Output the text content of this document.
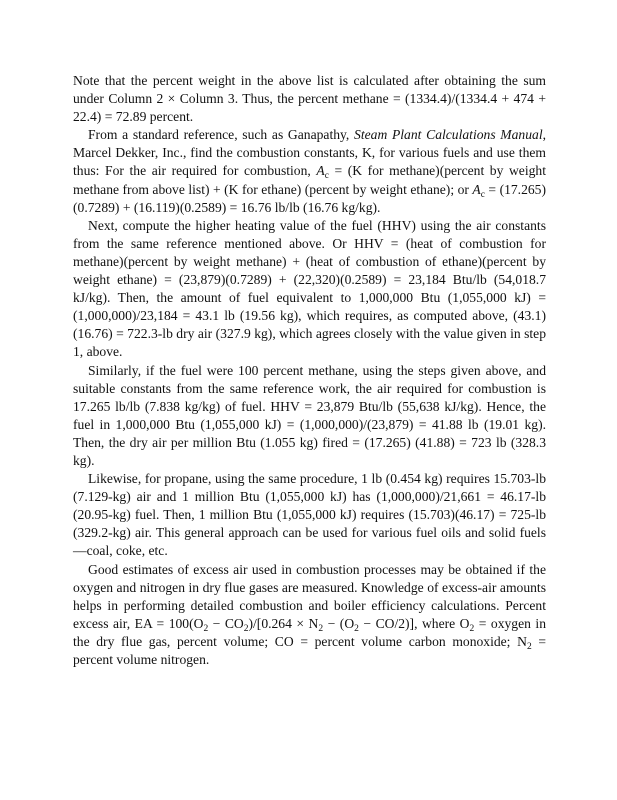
Note that the percent weight in the above list is calculated after obtaining the sum under Column 2 × Column 3. Thus, the percent methane = (1334.4)/(1334.4 + 474 + 22.4) = 72.89 percent.

From a standard reference, such as Ganapathy, Steam Plant Calculations Manual, Marcel Dekker, Inc., find the combustion constants, K, for various fuels and use them thus: For the air required for combustion, $A_c = (K$ for methane)(percent by weight methane from above list) + (K for ethane) (percent by weight ethane); or $A_c = (17.265)(0.7289) + (16.119)(0.2589) = 16.76$ lb/lb (16.76 kg/kg).

Next, compute the higher heating value of the fuel (HHV) using the air constants from the same reference mentioned above. Or HHV = (heat of combustion for methane)(percent by weight methane) + (heat of combustion of ethane)(percent by weight ethane) = (23,879)(0.7289) + (22,320)(0.2589) = 23,184 Btu/lb (54,018.7 kJ/kg). Then, the amount of fuel equivalent to 1,000,000 Btu (1,055,000 kJ) = (1,000,000)/23,184 = 43.1 lb (19.56 kg), which requires, as computed above, (43.1)(16.76) = 722.3-lb dry air (327.9 kg), which agrees closely with the value given in step 1, above.

Similarly, if the fuel were 100 percent methane, using the steps given above, and suitable constants from the same reference work, the air required for combustion is 17.265 lb/lb (7.838 kg/kg) of fuel. HHV = 23,879 Btu/lb (55,638 kJ/kg). Hence, the fuel in 1,000,000 Btu (1,055,000 kJ) = (1,000,000)/(23,879) = 41.88 lb (19.01 kg). Then, the dry air per million Btu (1.055 kg) fired = (17.265) (41.88) = 723 lb (328.3 kg).

Likewise, for propane, using the same procedure, 1 lb (0.454 kg) requires 15.703-lb (7.129-kg) air and 1 million Btu (1,055,000 kJ) has (1,000,000)/21,661 = 46.17-lb (20.95-kg) fuel. Then, 1 million Btu (1,055,000 kJ) requires (15.703)(46.17) = 725-lb (329.2-kg) air. This general approach can be used for various fuel oils and solid fuels—coal, coke, etc.

Good estimates of excess air used in combustion processes may be obtained if the oxygen and nitrogen in dry flue gases are measured. Knowledge of excess-air amounts helps in performing detailed combustion and boiler efficiency calculations. Percent excess air, EA = $100(O_2 - CO_2)/[0.264 \times N_2 - (O_2 - CO/2)]$, where $O_2$ = oxygen in the dry flue gas, percent volume; CO = percent volume carbon monoxide; $N_2$ = percent volume nitrogen.
